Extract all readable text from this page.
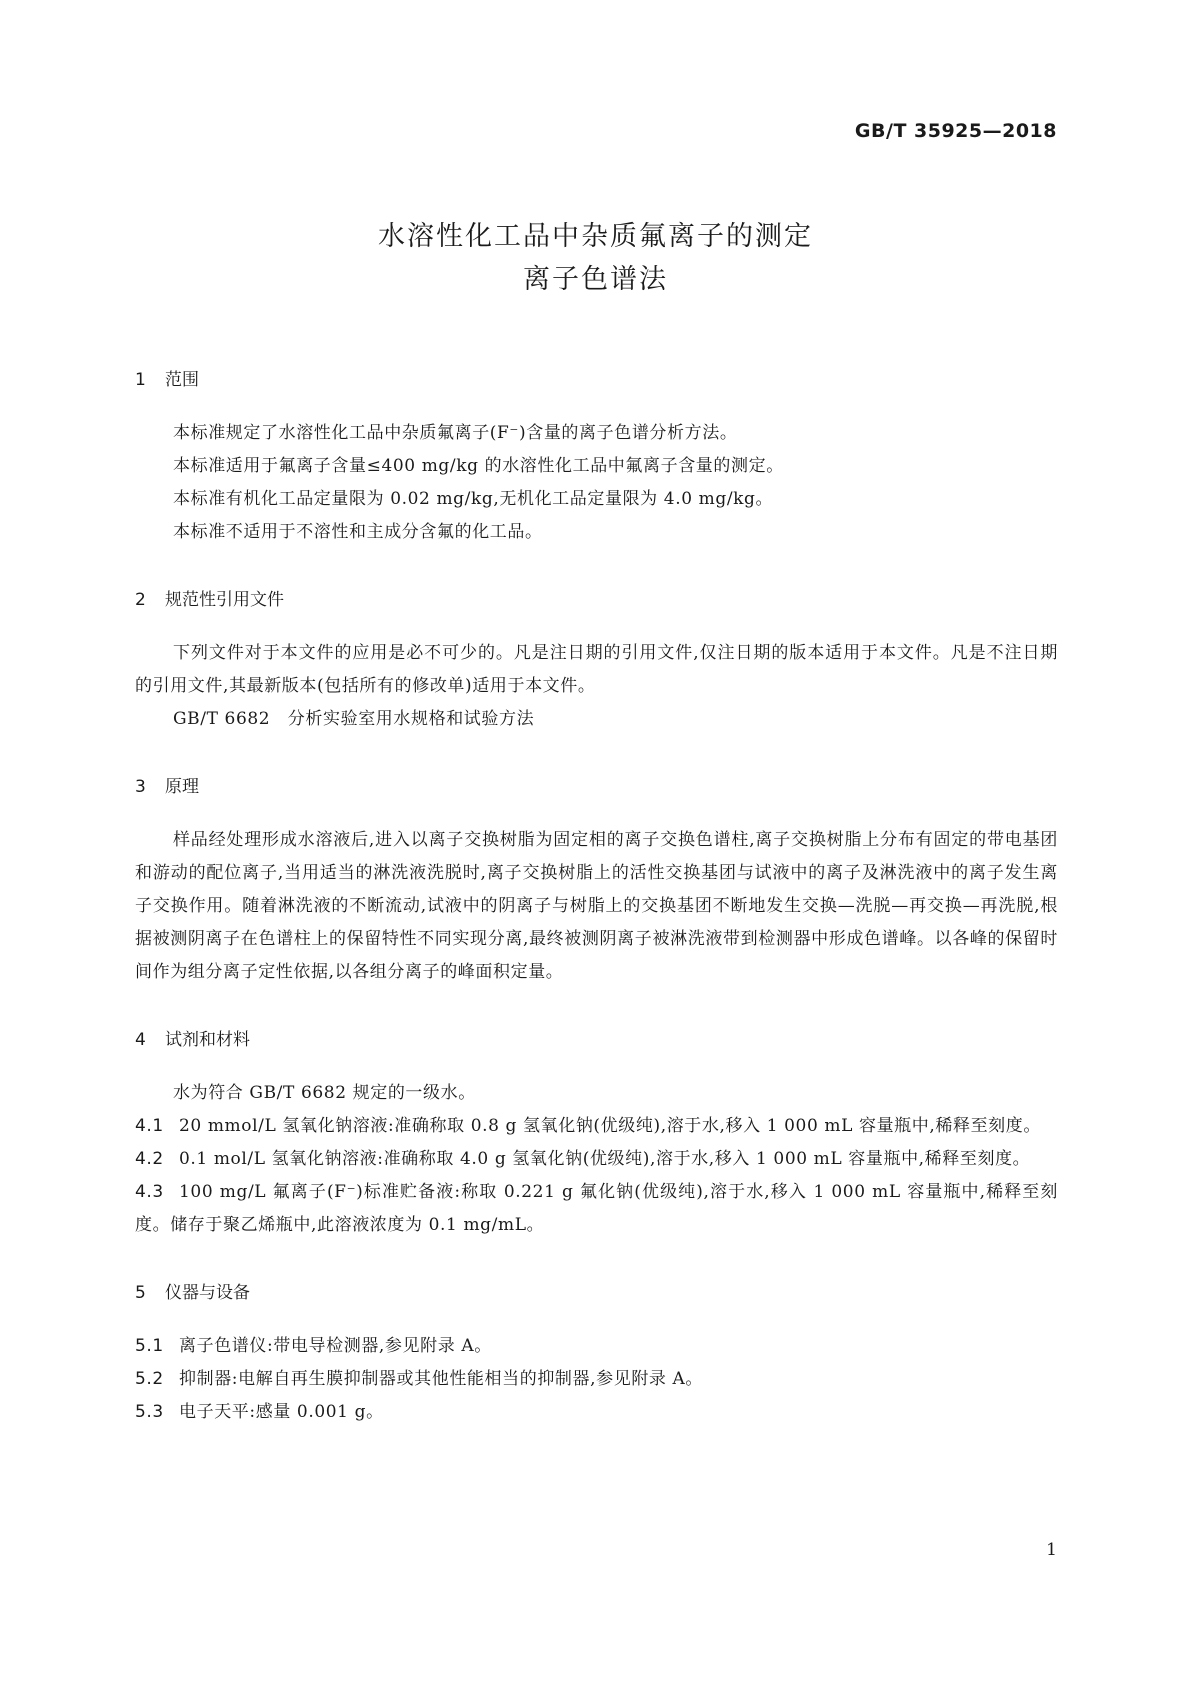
GB/T 35925—2018
水溶性化工品中杂质氟离子的测定
离子色谱法
1 范围

本标准规定了水溶性化工品中杂质氟离子(F⁻)含量的离子色谱分析方法。

本标准适用于氟离子含量≤400 mg/kg 的水溶性化工品中氟离子含量的测定。

本标准有机化工品定量限为 0.02 mg/kg,无机化工品定量限为 4.0 mg/kg。

本标准不适用于不溶性和主成分含氟的化工品。

2 规范性引用文件

下列文件对于本文件的应用是必不可少的。凡是注日期的引用文件,仅注日期的版本适用于本文件。凡是不注日期的引用文件,其最新版本(包括所有的修改单)适用于本文件。

GB/T 6682　分析实验室用水规格和试验方法

3 原理

样品经处理形成水溶液后,进入以离子交换树脂为固定相的离子交换色谱柱,离子交换树脂上分布有固定的带电基团和游动的配位离子,当用适当的淋洗液洗脱时,离子交换树脂上的活性交换基团与试液中的离子及淋洗液中的离子发生离子交换作用。随着淋洗液的不断流动,试液中的阴离子与树脂上的交换基团不断地发生交换—洗脱—再交换—再洗脱,根据被测阴离子在色谱柱上的保留特性不同实现分离,最终被测阴离子被淋洗液带到检测器中形成色谱峰。以各峰的保留时间作为组分离子定性依据,以各组分离子的峰面积定量。

4 试剂和材料

水为符合 GB/T 6682 规定的一级水。

4.1 20 mmol/L 氢氧化钠溶液:准确称取 0.8 g 氢氧化钠(优级纯),溶于水,移入 1 000 mL 容量瓶中,稀释至刻度。

4.2 0.1 mol/L 氢氧化钠溶液:准确称取 4.0 g 氢氧化钠(优级纯),溶于水,移入 1 000 mL 容量瓶中,稀释至刻度。

4.3 100 mg/L 氟离子(F⁻)标准贮备液:称取 0.221 g 氟化钠(优级纯),溶于水,移入 1 000 mL 容量瓶中,稀释至刻度。储存于聚乙烯瓶中,此溶液浓度为 0.1 mg/mL。

5 仪器与设备

5.1 离子色谱仪:带电导检测器,参见附录 A。

5.2 抑制器:电解自再生膜抑制器或其他性能相当的抑制器,参见附录 A。

5.3 电子天平:感量 0.001 g。

1
